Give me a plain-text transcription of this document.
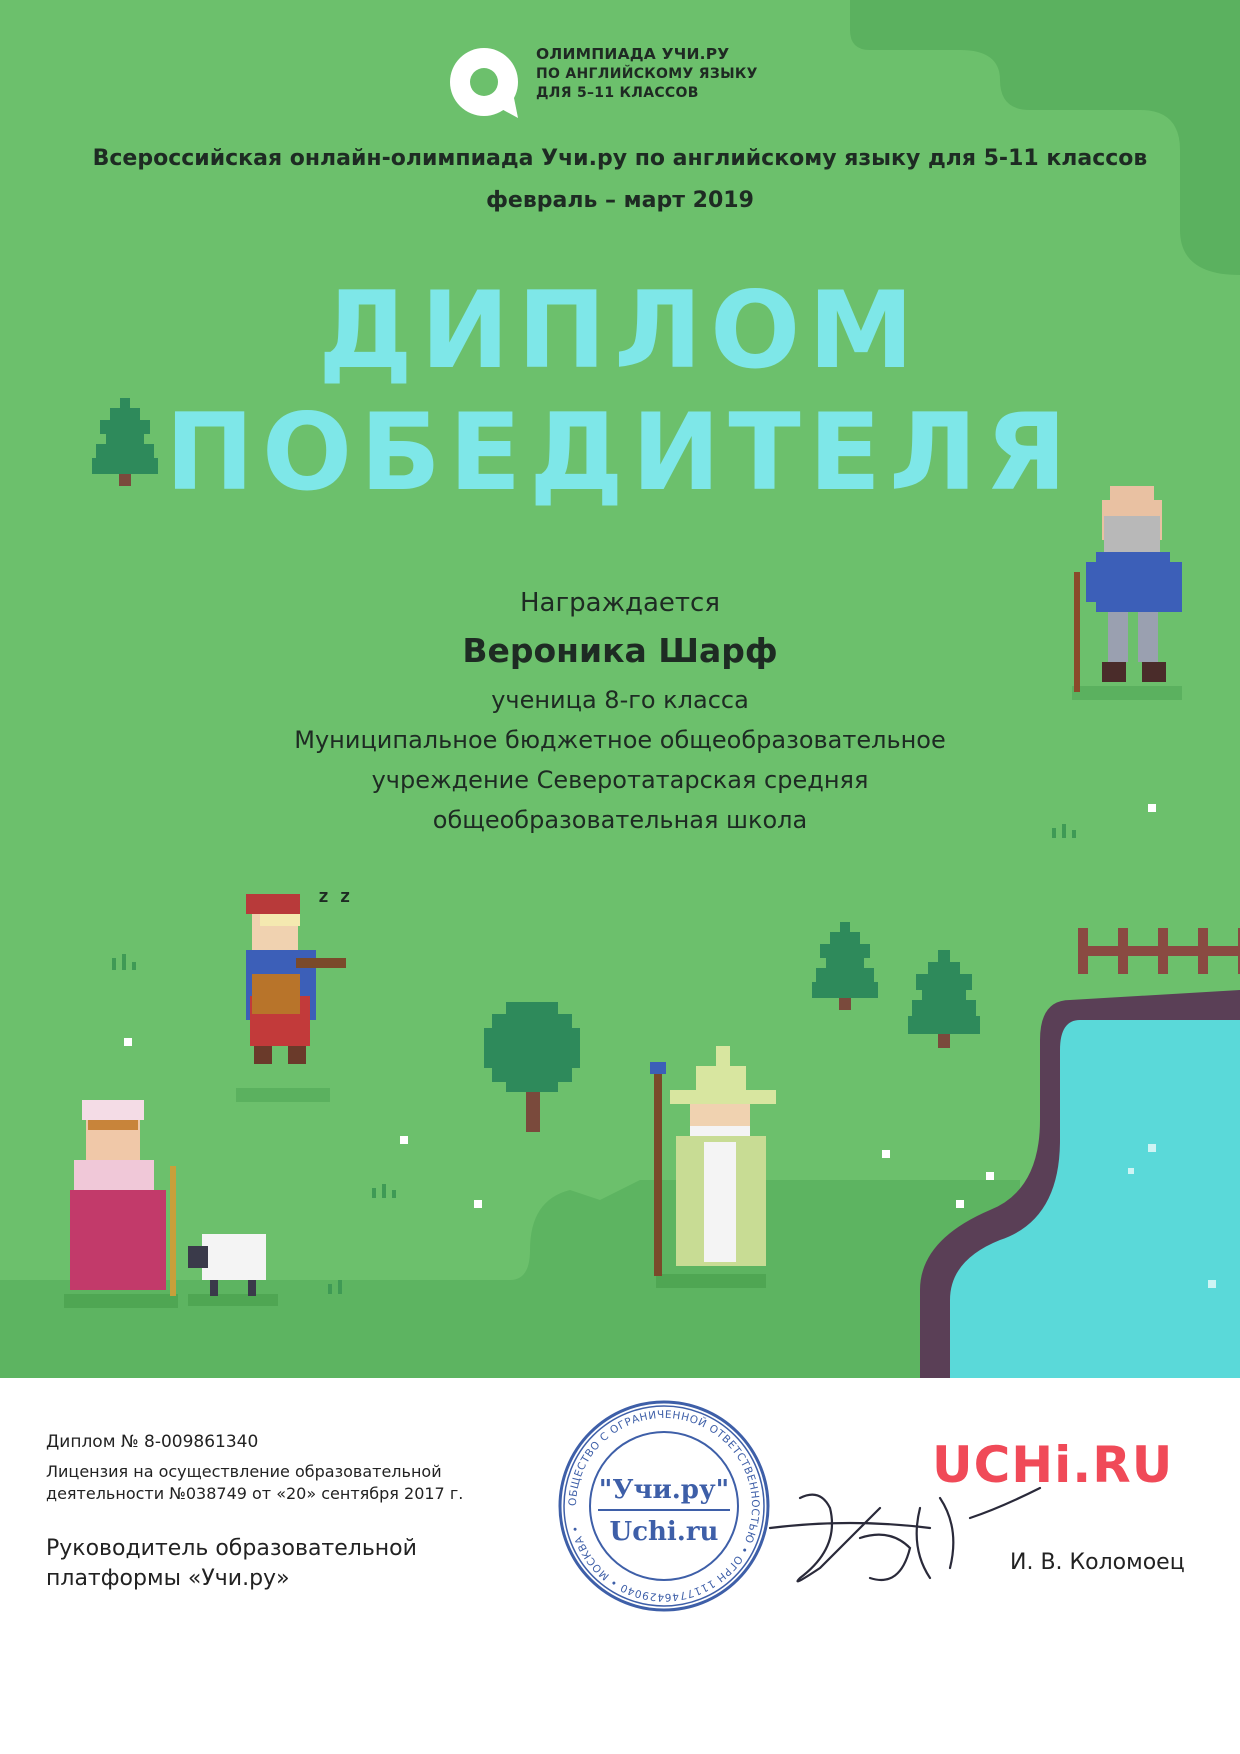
z z
ОЛИМПИАДА УЧИ.РУ
ПО АНГЛИЙСКОМУ ЯЗЫКУ
ДЛЯ 5–11 КЛАССОВ
Всероссийская онлайн-олимпиада Учи.ру по английскому языку для 5-11 классов
февраль – март 2019
ДИПЛОМ
ПОБЕДИТЕЛЯ
Награждается
Вероника Шарф
ученица 8-го класса
Муниципальное бюджетное общеобразовательное
учреждение Северотатарская средняя
общеобразовательная школа
Диплом № 8-009861340
Лицензия на осуществление образовательной
деятельности №038749 от «20» сентября 2017 г.
Руководитель образовательной
платформы «Учи.ру»
ОБЩЕСТВО С ОГРАНИЧЕННОЙ ОТВЕТСТВЕННОСТЬЮ • ОГРН 1117746429040 • МОСКВА •
"Учи.ру"
Uchi.ru
UCHi.RU
И. В. Коломоец
